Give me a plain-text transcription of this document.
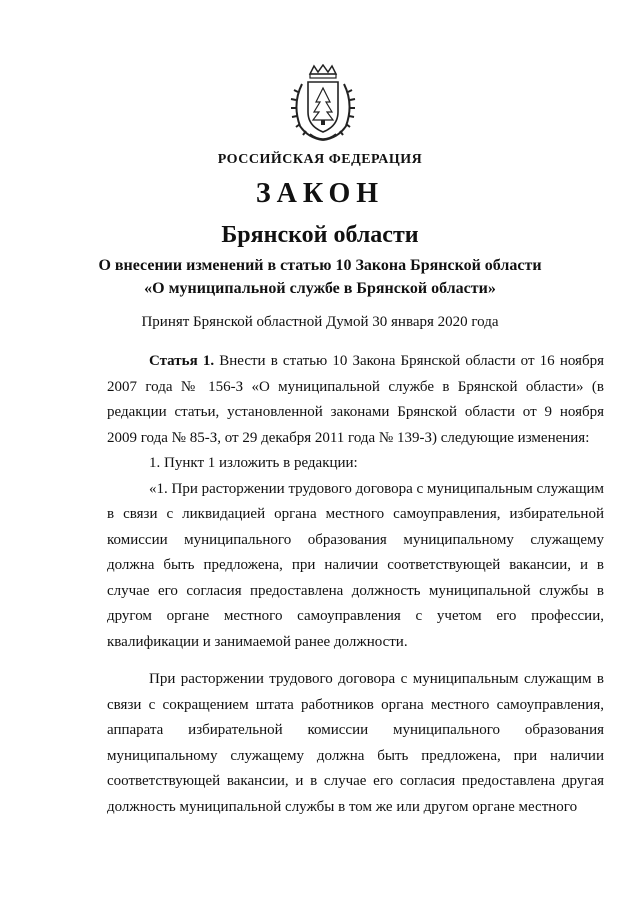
РОССИЙСКАЯ ФЕДЕРАЦИЯ
ЗАКОН
Брянской области
О внесении изменений в статью 10 Закона Брянской области
«О муниципальной службе в Брянской области»
Принят Брянской областной Думой 30 января 2020 года

Статья 1. Внести в статью 10 Закона Брянской области от 16 ноября 2007 года № 156-З «О муниципальной службе в Брянской области» (в редакции статьи, установленной законами Брянской области от 9 ноября 2009 года № 85-З, от 29 декабря 2011 года № 139-З) следующие изменения:

1. Пункт 1 изложить в редакции:

«1. При расторжении трудового договора с муниципальным служащим в связи с ликвидацией органа местного самоуправления, избирательной комиссии муниципального образования муниципальному служащему должна быть предложена, при наличии соответствующей вакансии, и в случае его согласия предоставлена должность муниципальной службы в другом органе местного самоуправления с учетом его профессии, квалификации и занимаемой ранее должности.

При расторжении трудового договора с муниципальным служащим в связи с сокращением штата работников органа местного самоуправления, аппарата избирательной комиссии муниципального образования муниципальному служащему должна быть предложена, при наличии соответствующей вакансии, и в случае его согласия предоставлена другая должность муниципальной службы в том же или другом органе местного
